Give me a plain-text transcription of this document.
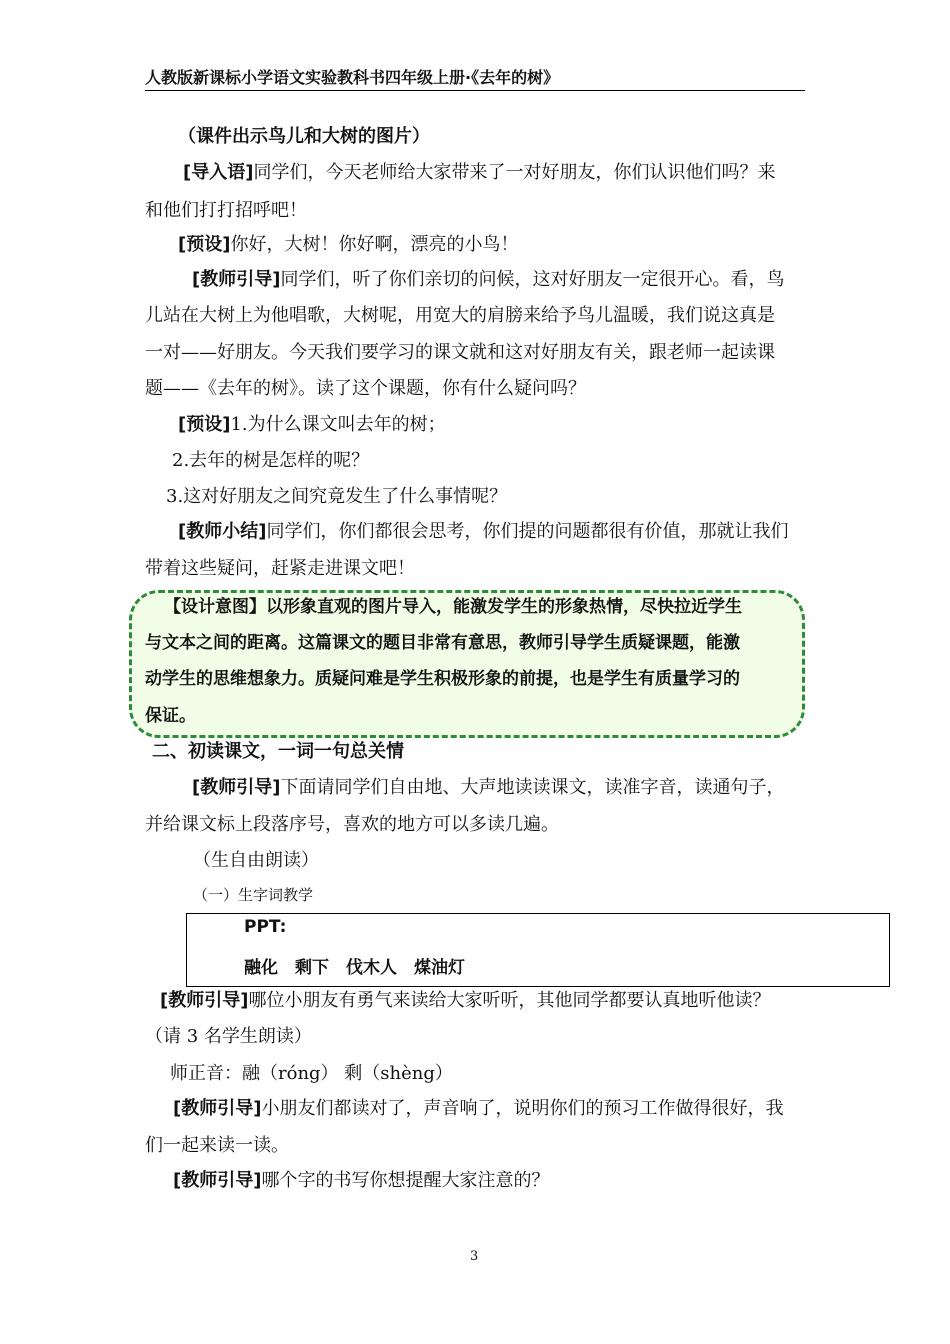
人教版新课标小学语文实验教科书四年级上册·《去年的树》
（课件出示鸟儿和大树的图片）
[导入语]同学们，今天老师给大家带来了一对好朋友，你们认识他们吗？来
和他们打打招呼吧！
[预设]你好，大树！你好啊，漂亮的小鸟！
[教师引导]同学们，听了你们亲切的问候，这对好朋友一定很开心。看，鸟
儿站在大树上为他唱歌，大树呢，用宽大的肩膀来给予鸟儿温暖，我们说这真是
一对——好朋友。今天我们要学习的课文就和这对好朋友有关，跟老师一起读课
题——《去年的树》。读了这个课题，你有什么疑问吗？
[预设]1.为什么课文叫去年的树；
2.去年的树是怎样的呢？
3.这对好朋友之间究竟发生了什么事情呢？
[教师小结]同学们，你们都很会思考，你们提的问题都很有价值，那就让我们
带着这些疑问，赶紧走进课文吧！
【设计意图】以形象直观的图片导入，能激发学生的形象热情，尽快拉近学生
与文本之间的距离。这篇课文的题目非常有意思，教师引导学生质疑课题，能激
动学生的思维想象力。质疑问难是学生积极形象的前提，也是学生有质量学习的
保证。
二、初读课文，一词一句总关情
[教师引导]下面请同学们自由地、大声地读读课文，读准字音，读通句子，
并给课文标上段落序号，喜欢的地方可以多读几遍。
（生自由朗读）
（一）生字词教学
PPT:
融化　剩下　伐木人　煤油灯
[教师引导]哪位小朋友有勇气来读给大家听听，其他同学都要认真地听他读？
（请 3 名学生朗读）
师正音：融（róng） 剩（shèng）
[教师引导]小朋友们都读对了，声音响了，说明你们的预习工作做得很好，我
们一起来读一读。
[教师引导]哪个字的书写你想提醒大家注意的？
3
